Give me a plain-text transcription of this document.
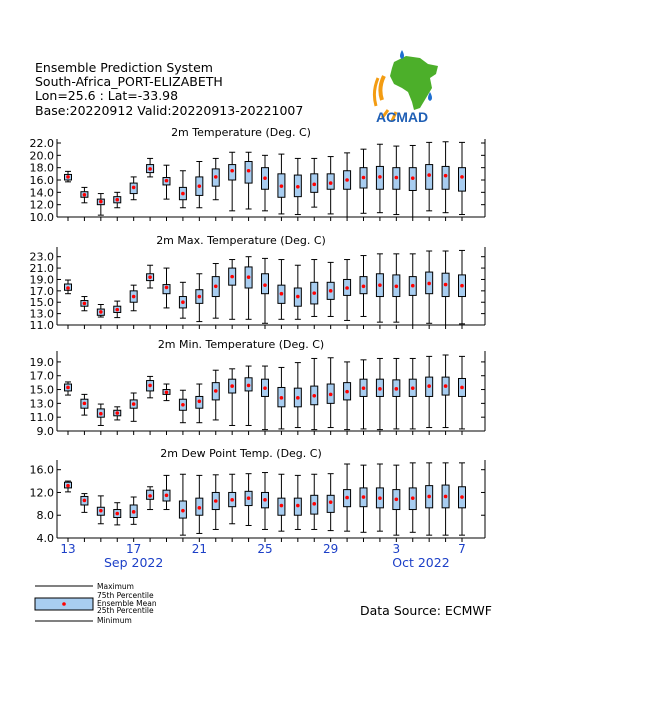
Ensemble Prediction System
South-Africa_PORT-ELIZABETH
Lon=25.6 : Lat=-33.98
Base:20220912 Valid:20220913-20221007	ACMAD
2m Temperature (Deg. C)
22.0
20.0
18.0
16.0
14.0
12.0
10.0
2m Max. Temperature (Deg. C)
23.0
21.0
19.0
17.0
15.0
13.0
11.0
2m Min. Temperature (Deg. C)
19.0
17.0
15.0
13.0
11.0
9.0
2m Dew Point Temp. (Deg. C)
16.0
12.0
8.0
4.0
13	17	21	25	29	3	7
Sep 2022	Oct 2022
Maximum
75th Percentile
Ensemble Mean
25th Percentile
Minimum
Data Source: ECMWF
